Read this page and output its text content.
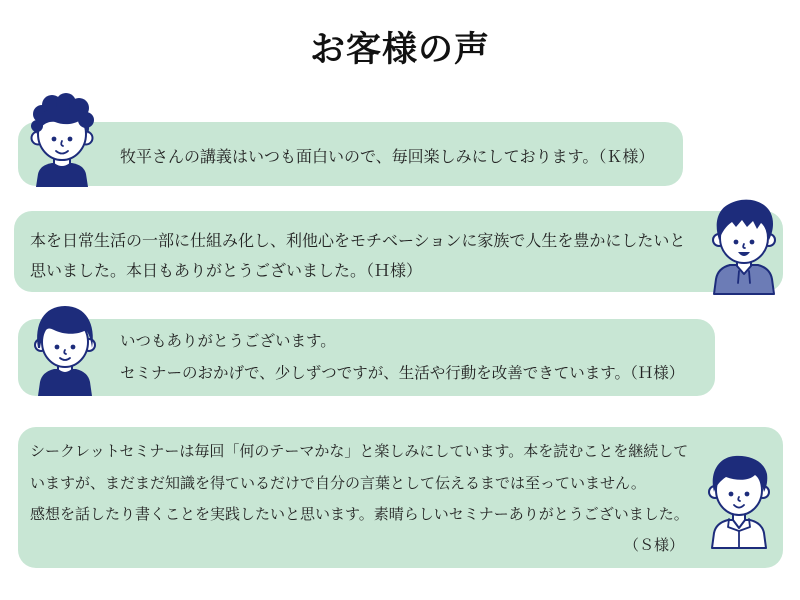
お客様の声
牧平さんの講義はいつも面白いので、毎回楽しみにしております。（Ｋ様）
本を日常生活の一部に仕組み化し、利他心をモチベーションに家族で人生を豊かにしたいと
思いました。本日もありがとうございました。（Ｈ様）
いつもありがとうございます。
セミナーのおかげで、少しずつですが、生活や行動を改善できています。（Ｈ様）
シークレットセミナーは毎回「何のテーマかな」と楽しみにしています。本を読むことを継続して
いますが、まだまだ知識を得ているだけで自分の言葉として伝えるまでは至っていません。
感想を話したり書くことを実践したいと思います。素晴らしいセミナーありがとうございました。
（Ｓ様）
